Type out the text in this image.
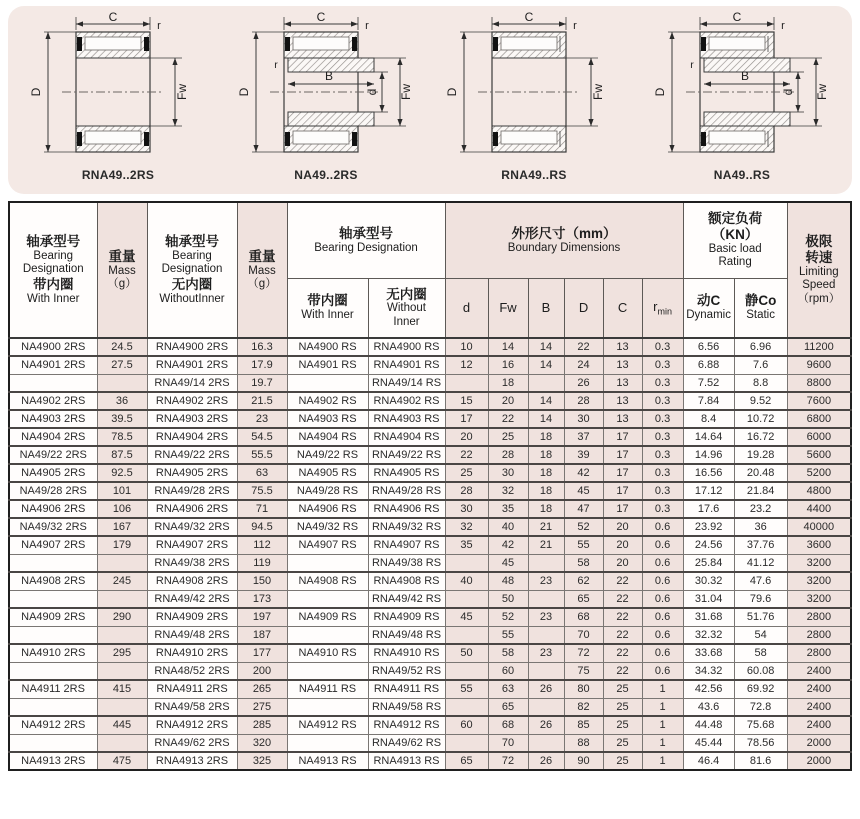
C
r
D	Fw
RNA49..2RS
C
r
D
r
B
d Fw
NA49..2RS
C
r
D	Fw
RNA49..RS
C
r
D
r
B
d Fw
NA49..RS
轴承型号
Bearing
Designation
带内圈
With Inner

重量
Mass
（g）

轴承型号
Bearing
Designation
无内圈
WithoutInner

重量
Mass
（g）

轴承型号
Bearing Designation

外形尺寸（mm）
Boundary Dimensions

额定负荷
（KN）
Basic load
Rating

极限
转速
Limiting
Speed
（rpm）

带内圈
With Inner

无内圈
Without
Inner
	d	Fw	B	D	C	$r_{min}$	
动C
Dynamic

静Co
Static

NA4900 2RS	24.5	RNA4900 2RS	16.3	NA4900 RS	RNA4900 RS	10	14	14	22	13	0.3	6.56	6.96	11200
NA4901 2RS	27.5	RNA4901 2RS	17.9	NA4901 RS	RNA4901 RS	12	16	14	24	13	0.3	6.88	7.6	9600
		RNA49/14 2RS	19.7		RNA49/14 RS		18		26	13	0.3	7.52	8.8	8800
NA4902 2RS	36	RNA4902 2RS	21.5	NA4902 RS	RNA4902 RS	15	20	14	28	13	0.3	7.84	9.52	7600
NA4903 2RS	39.5	RNA4903 2RS	23	NA4903 RS	RNA4903 RS	17	22	14	30	13	0.3	8.4	10.72	6800
NA4904 2RS	78.5	RNA4904 2RS	54.5	NA4904 RS	RNA4904 RS	20	25	18	37	17	0.3	14.64	16.72	6000
NA49/22 2RS	87.5	RNA49/22 2RS	55.5	NA49/22 RS	RNA49/22 RS	22	28	18	39	17	0.3	14.96	19.28	5600
NA4905 2RS	92.5	RNA4905 2RS	63	NA4905 RS	RNA4905 RS	25	30	18	42	17	0.3	16.56	20.48	5200
NA49/28 2RS	101	RNA49/28 2RS	75.5	NA49/28 RS	RNA49/28 RS	28	32	18	45	17	0.3	17.12	21.84	4800
NA4906 2RS	106	RNA4906 2RS	71	NA4906 RS	RNA4906 RS	30	35	18	47	17	0.3	17.6	23.2	4400
NA49/32 2RS	167	RNA49/32 2RS	94.5	NA49/32 RS	RNA49/32 RS	32	40	21	52	20	0.6	23.92	36	40000
NA4907 2RS	179	RNA4907 2RS	112	NA4907 RS	RNA4907 RS	35	42	21	55	20	0.6	24.56	37.76	3600
		RNA49/38 2RS	119		RNA49/38 RS		45		58	20	0.6	25.84	41.12	3200
NA4908 2RS	245	RNA4908 2RS	150	NA4908 RS	RNA4908 RS	40	48	23	62	22	0.6	30.32	47.6	3200
		RNA49/42 2RS	173		RNA49/42 RS		50		65	22	0.6	31.04	79.6	3200
NA4909 2RS	290	RNA4909 2RS	197	NA4909 RS	RNA4909 RS	45	52	23	68	22	0.6	31.68	51.76	2800
		RNA49/48 2RS	187		RNA49/48 RS		55		70	22	0.6	32.32	54	2800
NA4910 2RS	295	RNA4910 2RS	177	NA4910 RS	RNA4910 RS	50	58	23	72	22	0.6	33.68	58	2800
		RNA48/52 2RS	200		RNA49/52 RS		60		75	22	0.6	34.32	60.08	2400
NA4911 2RS	415	RNA4911 2RS	265	NA4911 RS	RNA4911 RS	55	63	26	80	25	1	42.56	69.92	2400
		RNA49/58 2RS	275		RNA49/58 RS		65		82	25	1	43.6	72.8	2400
NA4912 2RS	445	RNA4912 2RS	285	NA4912 RS	RNA4912 RS	60	68	26	85	25	1	44.48	75.68	2400
		RNA49/62 2RS	320		RNA49/62 RS		70		88	25	1	45.44	78.56	2000
NA4913 2RS	475	RNA4913 2RS	325	NA4913 RS	RNA4913 RS	65	72	26	90	25	1	46.4	81.6	2000
